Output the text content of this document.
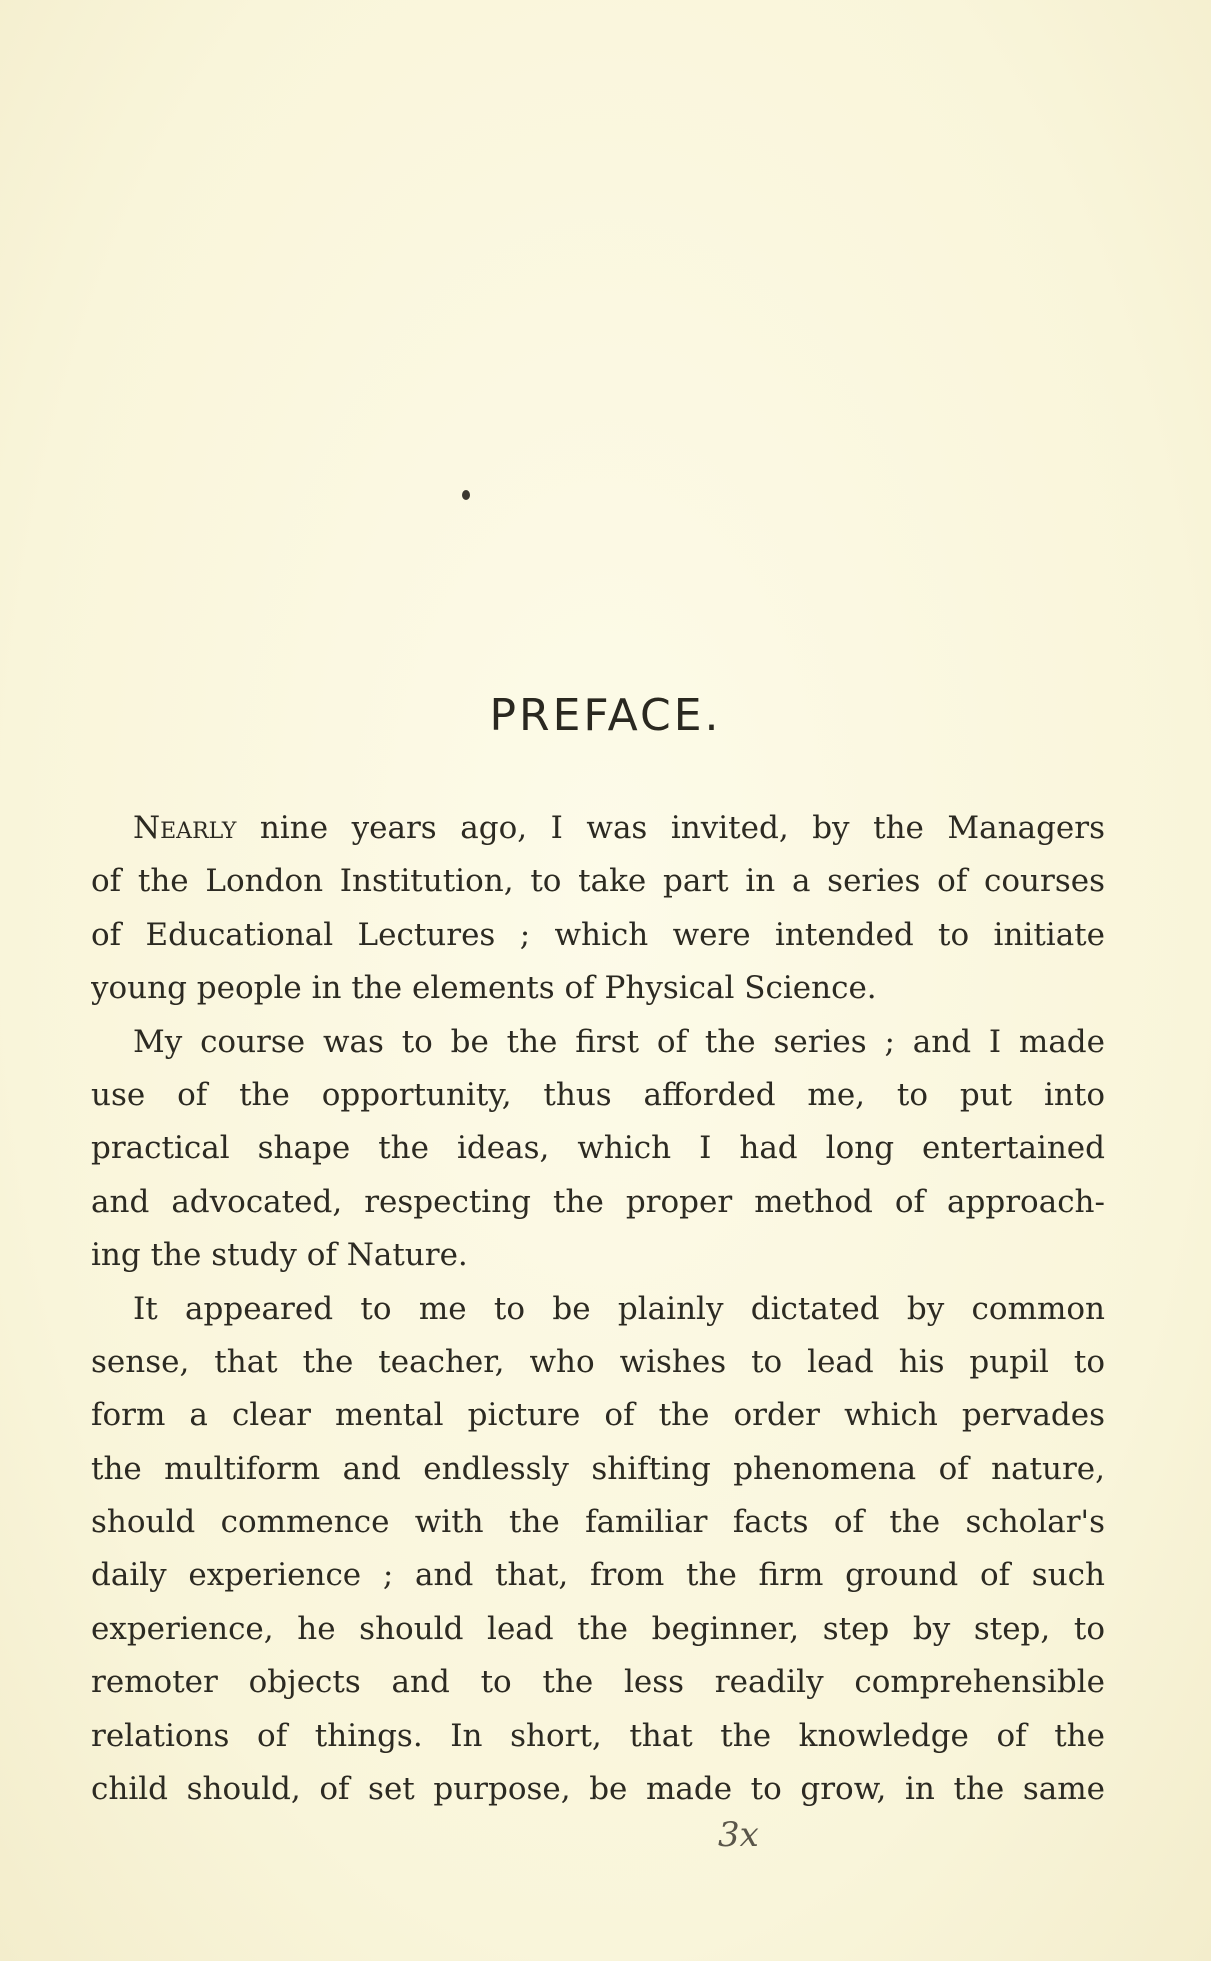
PREFACE.
Nearly nine years ago, I was invited, by the Managers
of the London Institution, to take part in a series of courses
of Educational Lectures ; which were intended to initiate
young people in the elements of Physical Science.
My course was to be the first of the series ; and I made
use of the opportunity, thus afforded me, to put into
practical shape the ideas, which I had long entertained
and advocated, respecting the proper method of approach-
ing the study of Nature.
It appeared to me to be plainly dictated by common
sense, that the teacher, who wishes to lead his pupil to
form a clear mental picture of the order which pervades
the multiform and endlessly shifting phenomena of nature,
should commence with the familiar facts of the scholar's
daily experience ; and that, from the firm ground of such
experience, he should lead the beginner, step by step, to
remoter objects and to the less readily comprehensible
relations of things. In short, that the knowledge of the
child should, of set purpose, be made to grow, in the same
3x
